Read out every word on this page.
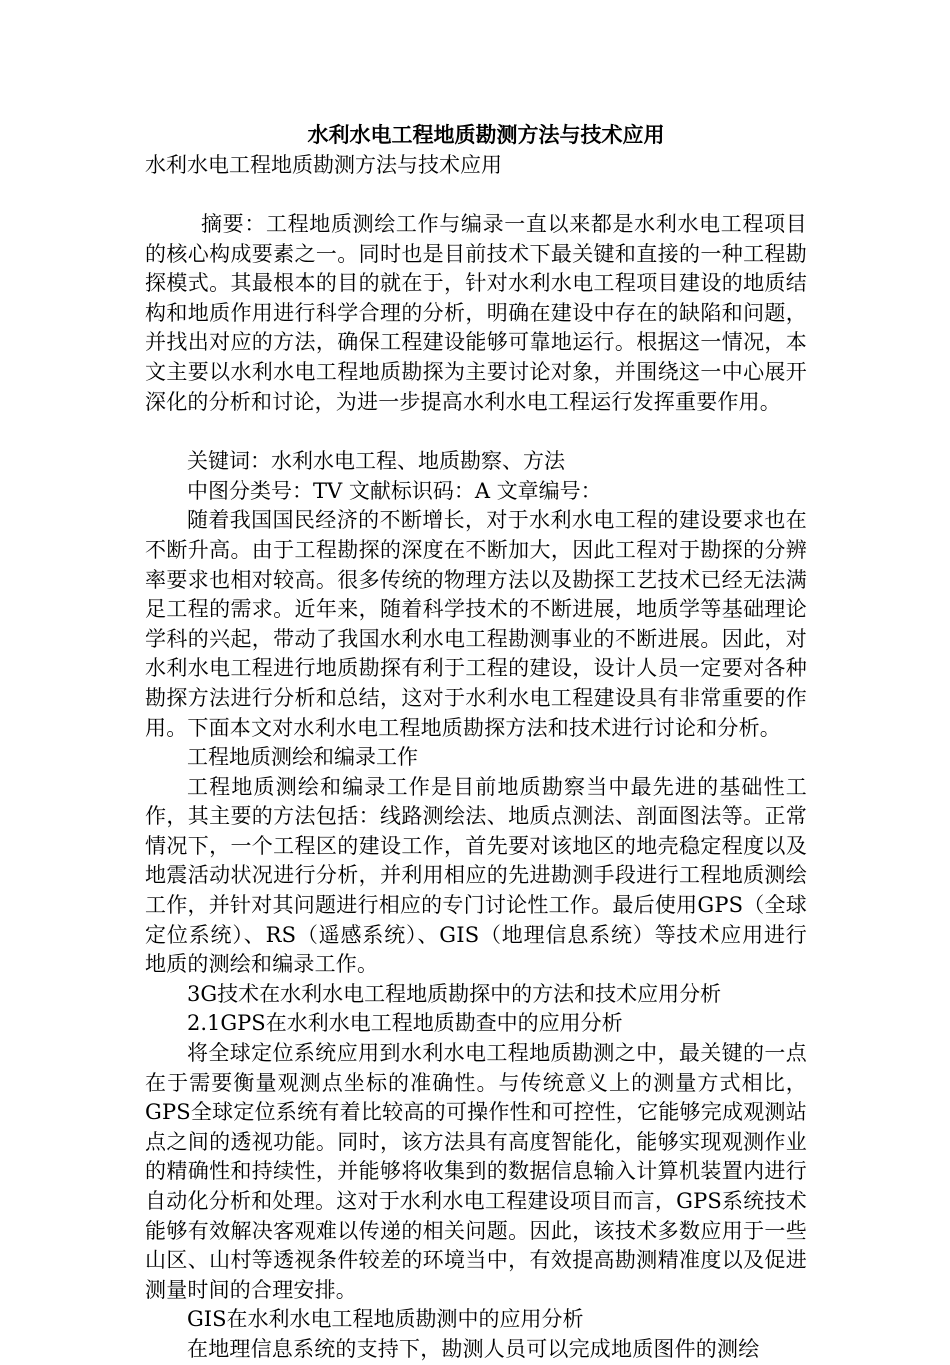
水利水电工程地质勘测方法与技术应用
水利水电工程地质勘测方法与技术应用

摘要：工程地质测绘工作与编录一直以来都是水利水电工程项目的核心构成要素之一。同时也是目前技术下最关键和直接的一种工程勘探模式。其最根本的目的就在于，针对水利水电工程项目建设的地质结构和地质作用进行科学合理的分析，明确在建设中存在的缺陷和问题，并找出对应的方法，确保工程建设能够可靠地运行。根据这一情况，本文主要以水利水电工程地质勘探为主要讨论对象，并围绕这一中心展开深化的分析和讨论，为进一步提高水利水电工程运行发挥重要作用。

关键词：水利水电工程、地质勘察、方法

中图分类号：TV 文献标识码：A 文章编号：

随着我国国民经济的不断增长，对于水利水电工程的建设要求也在不断升高。由于工程勘探的深度在不断加大，因此工程对于勘探的分辨率要求也相对较高。很多传统的物理方法以及勘探工艺技术已经无法满足工程的需求。近年来，随着科学技术的不断进展，地质学等基础理论学科的兴起，带动了我国水利水电工程勘测事业的不断进展。因此，对水利水电工程进行地质勘探有利于工程的建设，设计人员一定要对各种勘探方法进行分析和总结，这对于水利水电工程建设具有非常重要的作用。下面本文对水利水电工程地质勘探方法和技术进行讨论和分析。

工程地质测绘和编录工作

工程地质测绘和编录工作是目前地质勘察当中最先进的基础性工作，其主要的方法包括：线路测绘法、地质点测法、剖面图法等。正常情况下，一个工程区的建设工作，首先要对该地区的地壳稳定程度以及地震活动状况进行分析，并利用相应的先进勘测手段进行工程地质测绘工作，并针对其问题进行相应的专门讨论性工作。最后使用GPS（全球定位系统）、RS（遥感系统）、GIS（地理信息系统）等技术应用进行地质的测绘和编录工作。

3G技术在水利水电工程地质勘探中的方法和技术应用分析

2.1GPS在水利水电工程地质勘查中的应用分析

将全球定位系统应用到水利水电工程地质勘测之中，最关键的一点在于需要衡量观测点坐标的准确性。与传统意义上的测量方式相比，GPS全球定位系统有着比较高的可操作性和可控性，它能够完成观测站点之间的透视功能。同时，该方法具有高度智能化，能够实现观测作业的精确性和持续性，并能够将收集到的数据信息输入计算机装置内进行自动化分析和处理。这对于水利水电工程建设项目而言，GPS系统技术能够有效解决客观难以传递的相关问题。因此，该技术多数应用于一些山区、山村等透视条件较差的环境当中，有效提高勘测精准度以及促进测量时间的合理安排。

GIS在水利水电工程地质勘测中的应用分析

在地理信息系统的支持下，勘测人员可以完成地质图件的测绘
